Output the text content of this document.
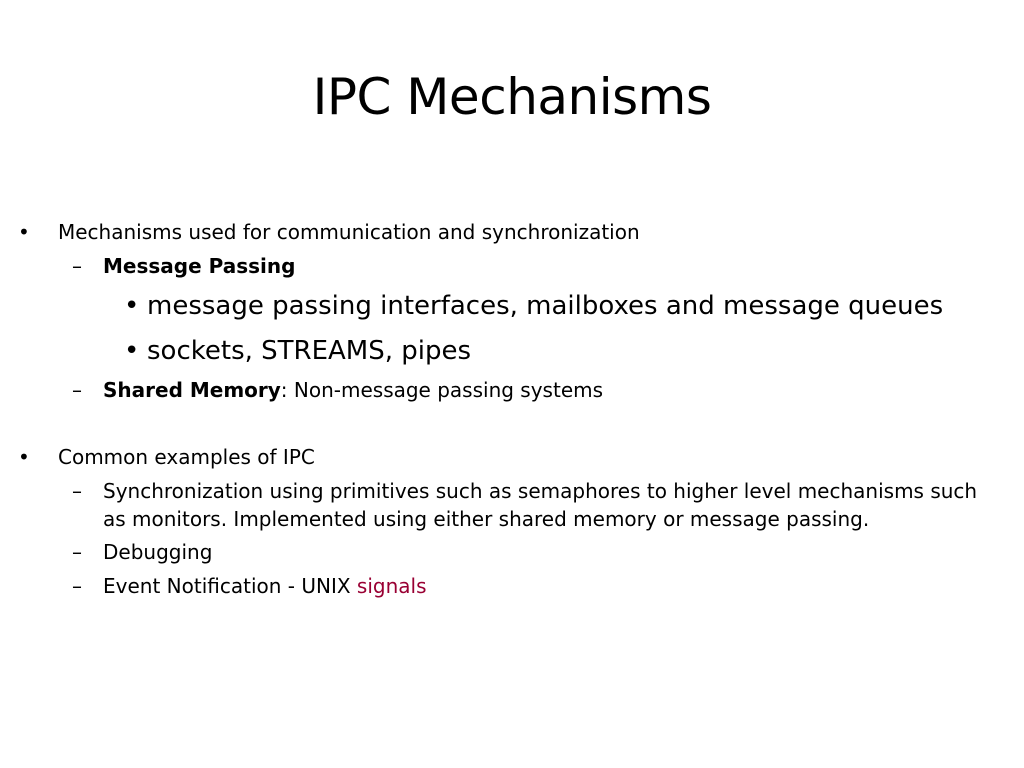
IPC Mechanisms
• Mechanisms used for communication and synchronization
– Message Passing
• message passing interfaces, mailboxes and message queues
• sockets, STREAMS, pipes
– Shared Memory: Non-message passing systems
• Common examples of IPC
– Synchronization using primitives such as semaphores to higher level mechanisms such
as monitors. Implemented using either shared memory or message passing.
– Debugging
– Event Notification - UNIX signals
